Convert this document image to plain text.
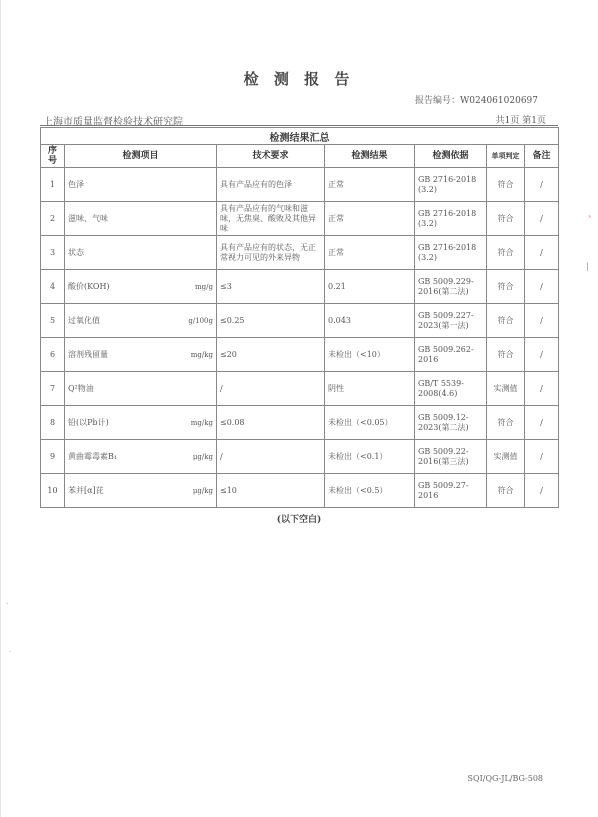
检 测 报 告
报告编号：W024061020697
上海市质量监督检验技术研究院	共1页 第1页
检测结果汇总						
序号	检测项目	技术要求	检测结果	检测依据	单项判定	备注
1	色泽	具有产品应有的色泽	正常	GB 2716-2018 (3.2)	符合	/
2	滋味、气味	具有产品应有的气味和滋味，无焦臭、酸败及其他异味	正常	GB 2716-2018 (3.2)	符合	/
3	状态	具有产品应有的状态，无正常视力可见的外来异物	正常	GB 2716-2018 (3.2)	符合	/
4	酸价(KOH) mg/g	≤3	0.21	GB 5009.229-2016(第二法)	符合	/
5	过氧化值 g/100g	≤0.25	0.043	GB 5009.227-2023(第一法)	符合	/
6	溶剂残留量 mg/kg	≤20	未检出（<10）	GB 5009.262-2016	符合	/
7	Q²物油	/	阴性	GB/T 5539-2008(4.6)	实测值	/
8	铅(以Pb计) mg/kg	≤0.08	未检出（<0.05）	GB 5009.12-2023(第二法)	符合	/
9	黄曲霉毒素B₁ μg/kg	/	未检出（<0.1）	GB 5009.22-2016(第三法)	实测值	/
10	苯并[α]芘 μg/kg	≤10	未检出（<0.5）	GB 5009.27-2016	符合	/
(以下空白)
SQI/QG-JL/BG-508
›
|
·
·
